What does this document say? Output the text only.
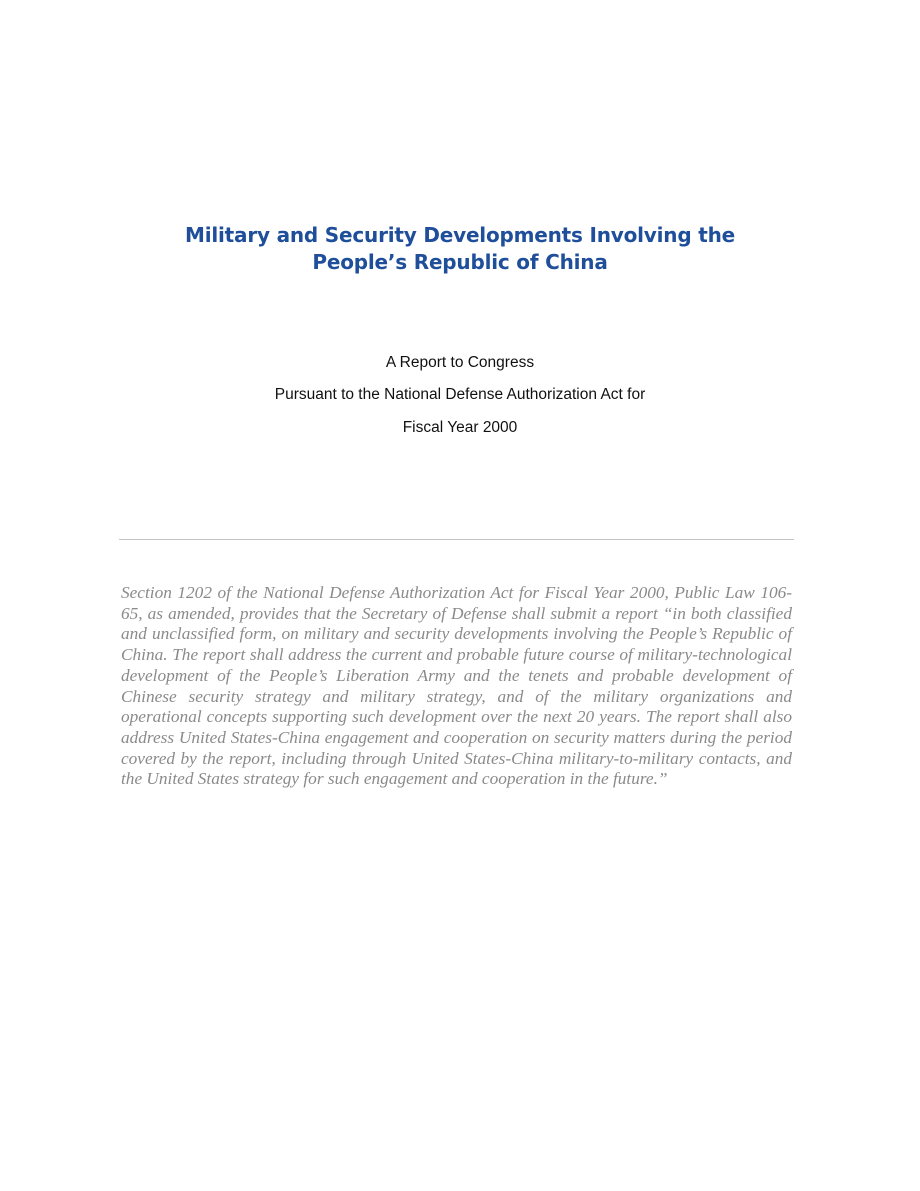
Military and Security Developments Involving the
People’s Republic of China
A Report to Congress
Pursuant to the National Defense Authorization Act for
Fiscal Year 2000

Section 1202 of the National Defense Authorization Act for Fiscal Year 2000, Public Law 106-65, as amended, provides that the Secretary of Defense shall submit a report “in both classified and unclassified form, on military and security developments involving the People’s Republic of China. The report shall address the current and probable future course of military-technological development of the People’s Liberation Army and the tenets and probable development of Chinese security strategy and military strategy, and of the military organizations and operational concepts supporting such development over the next 20 years. The report shall also address United States-China engagement and cooperation on security matters during the period covered by the report, including through United States-China military-to-military contacts, and the United States strategy for such engagement and cooperation in the future.”
